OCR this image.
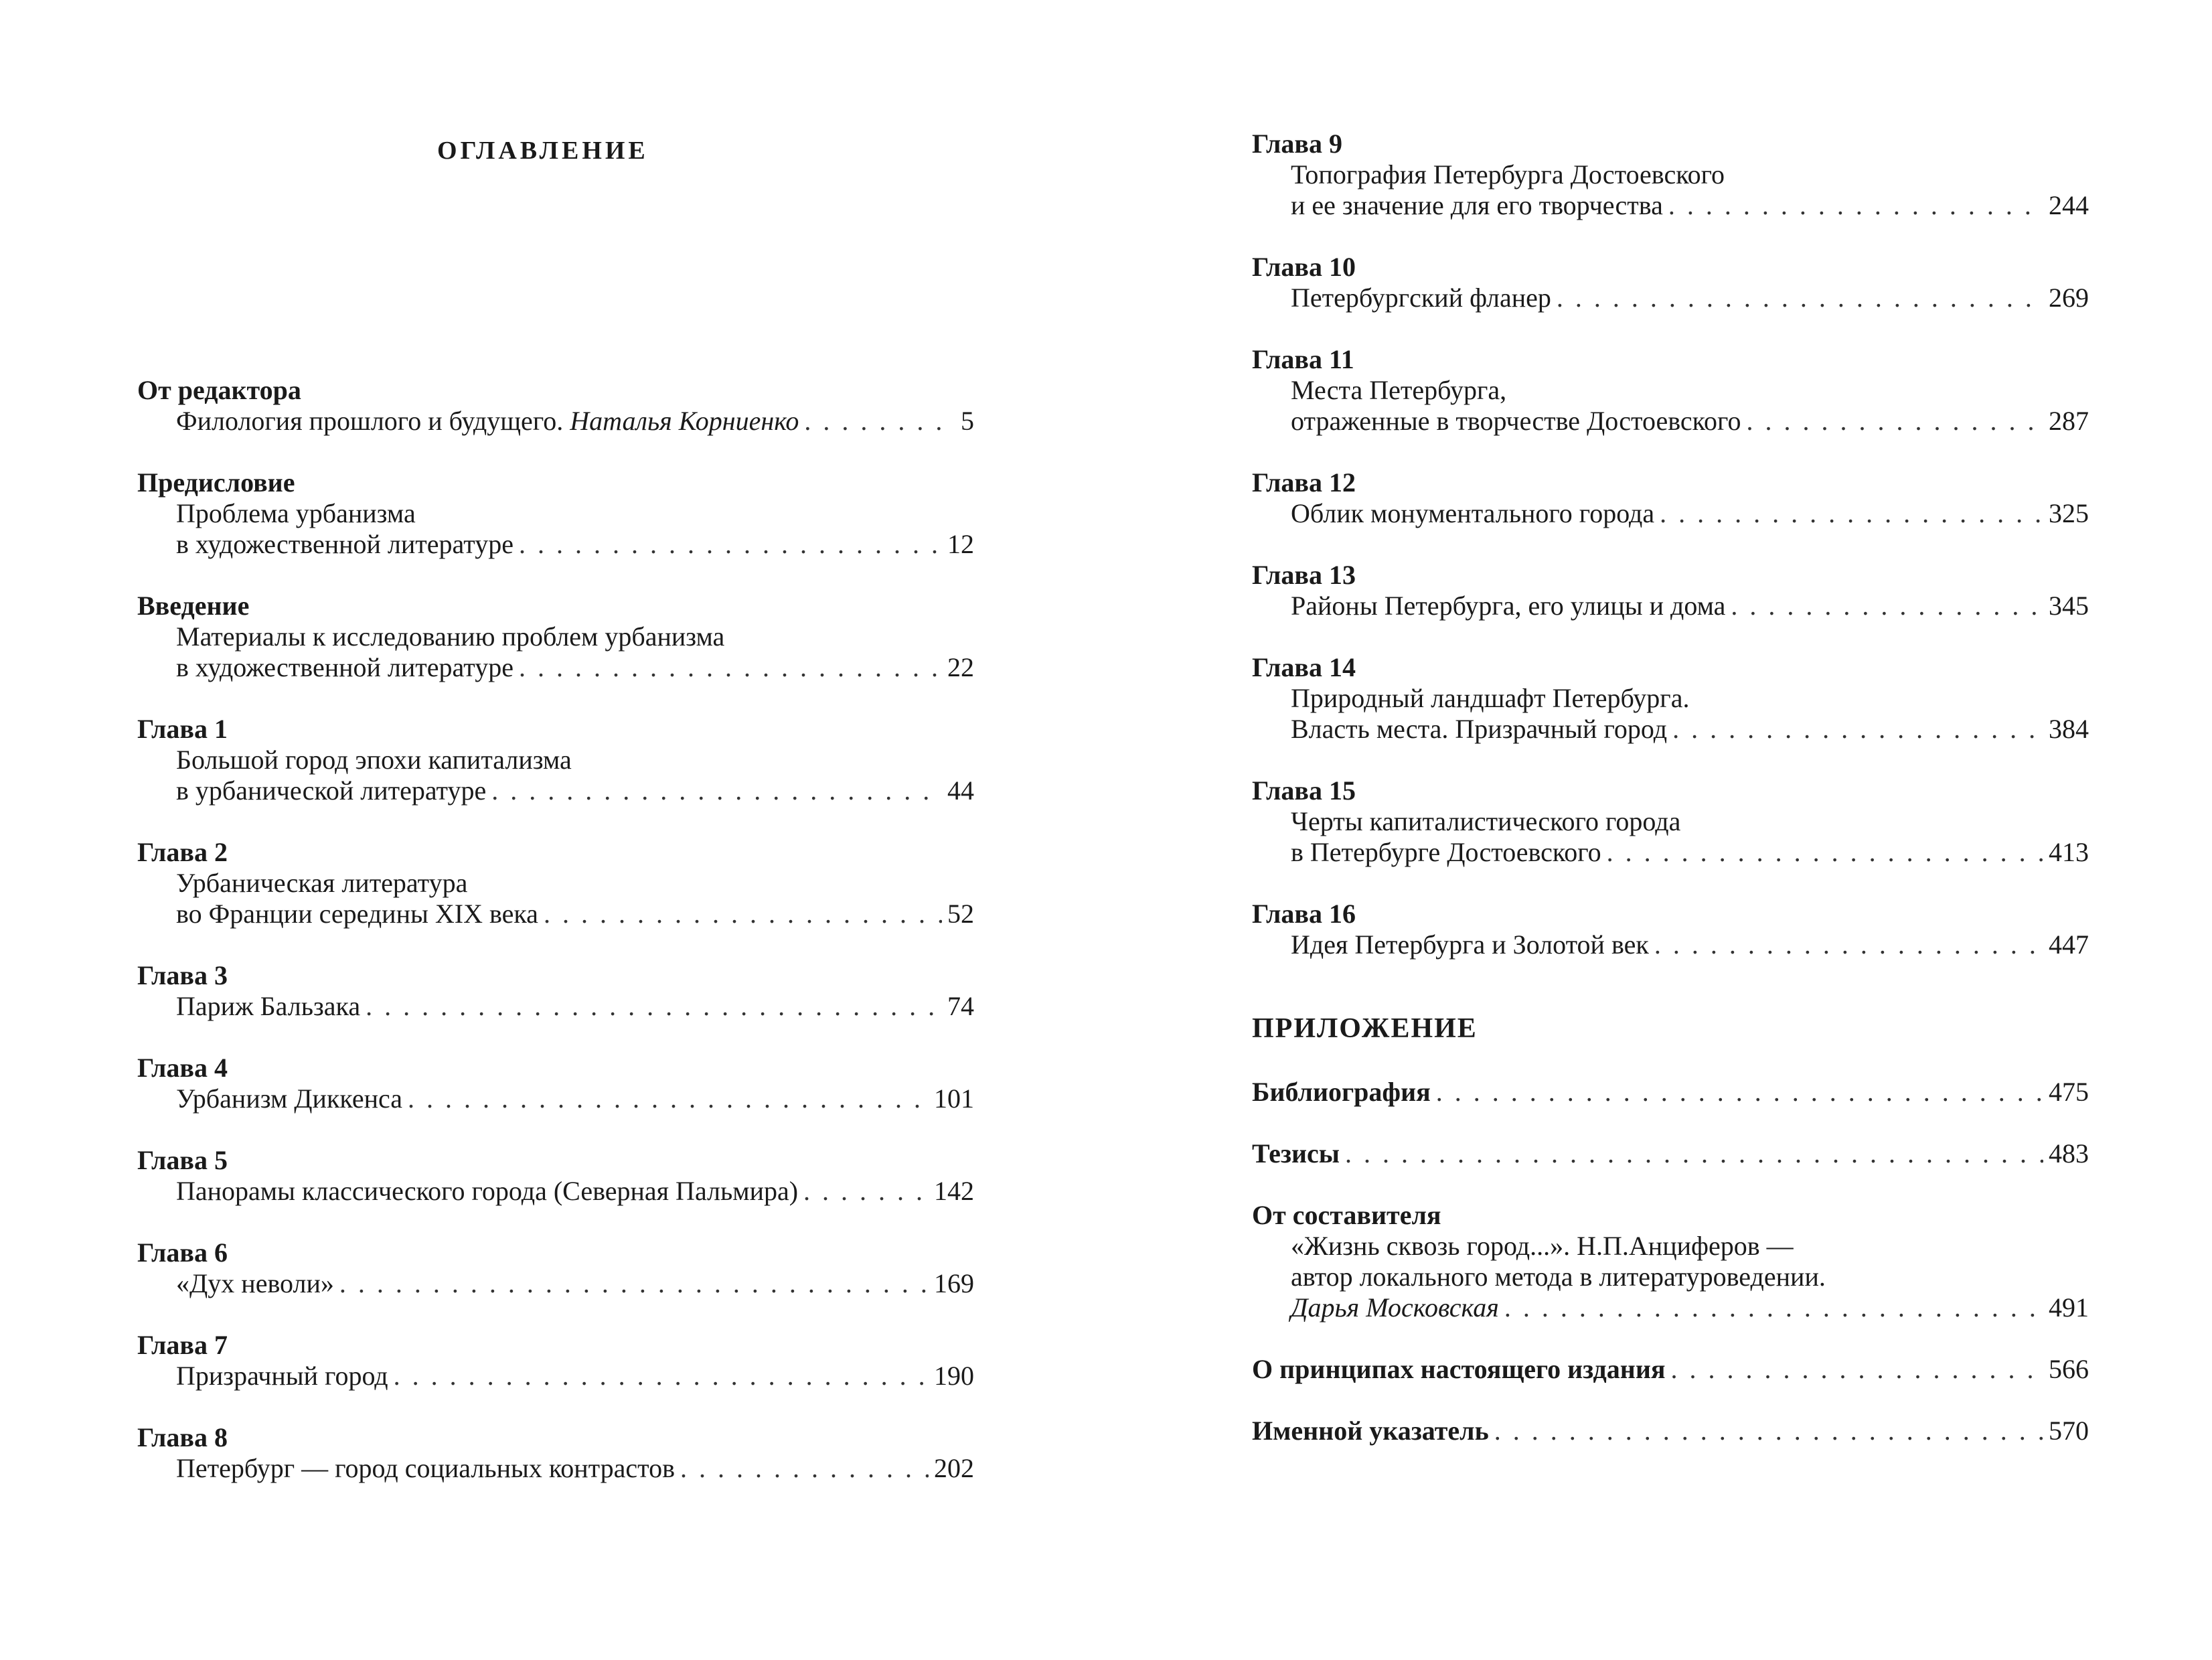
оглавление
От редактора
Филология прошлого и будущего. Наталья Корниенко . . .	5
Предисловие
Проблема урбанизма
в художественной литературе . . .	12
Введение
Материалы к исследованию проблем урбанизма
в художественной литературе . . .	22
Глава 1
Большой город эпохи капитализма
в урбанической литературе . . .	44
Глава 2
Урбаническая литература
во Франции середины XIX века . . .	52
Глава 3
Париж Бальзака . . .	74
Глава 4
Урбанизм Диккенса . . .	101
Глава 5
Панорамы классического города (Северная Пальмира) . . .	142
Глава 6
«Дух неволи» . . .	169
Глава 7
Призрачный город . . .	190
Глава 8
Петербург — город социальных контрастов . . .	202
Глава 9
Топография Петербурга Достоевского
и ее значение для его творчества . . .	244
Глава 10
Петербургский фланер . . .	269
Глава 11
Места Петербурга,
отраженные в творчестве Достоевского . . .	287
Глава 12
Облик монументального города . . .	325
Глава 13
Районы Петербурга, его улицы и дома . . .	345
Глава 14
Природный ландшафт Петербурга.
Власть места. Призрачный город . . .	384
Глава 15
Черты капиталистического города
в Петербурге Достоевского . . .	413
Глава 16
Идея Петербурга и Золотой век . . .	447
ПРИЛОЖЕНИЕ
Библиография . . .	475
Тезисы . . .	483
От составителя
«Жизнь сквозь город...». Н.П.Анциферов —
автор локального метода в литературоведении.
Дарья Московская . . .	491
О принципах настоящего издания . . .	566
Именной указатель . . .	570
